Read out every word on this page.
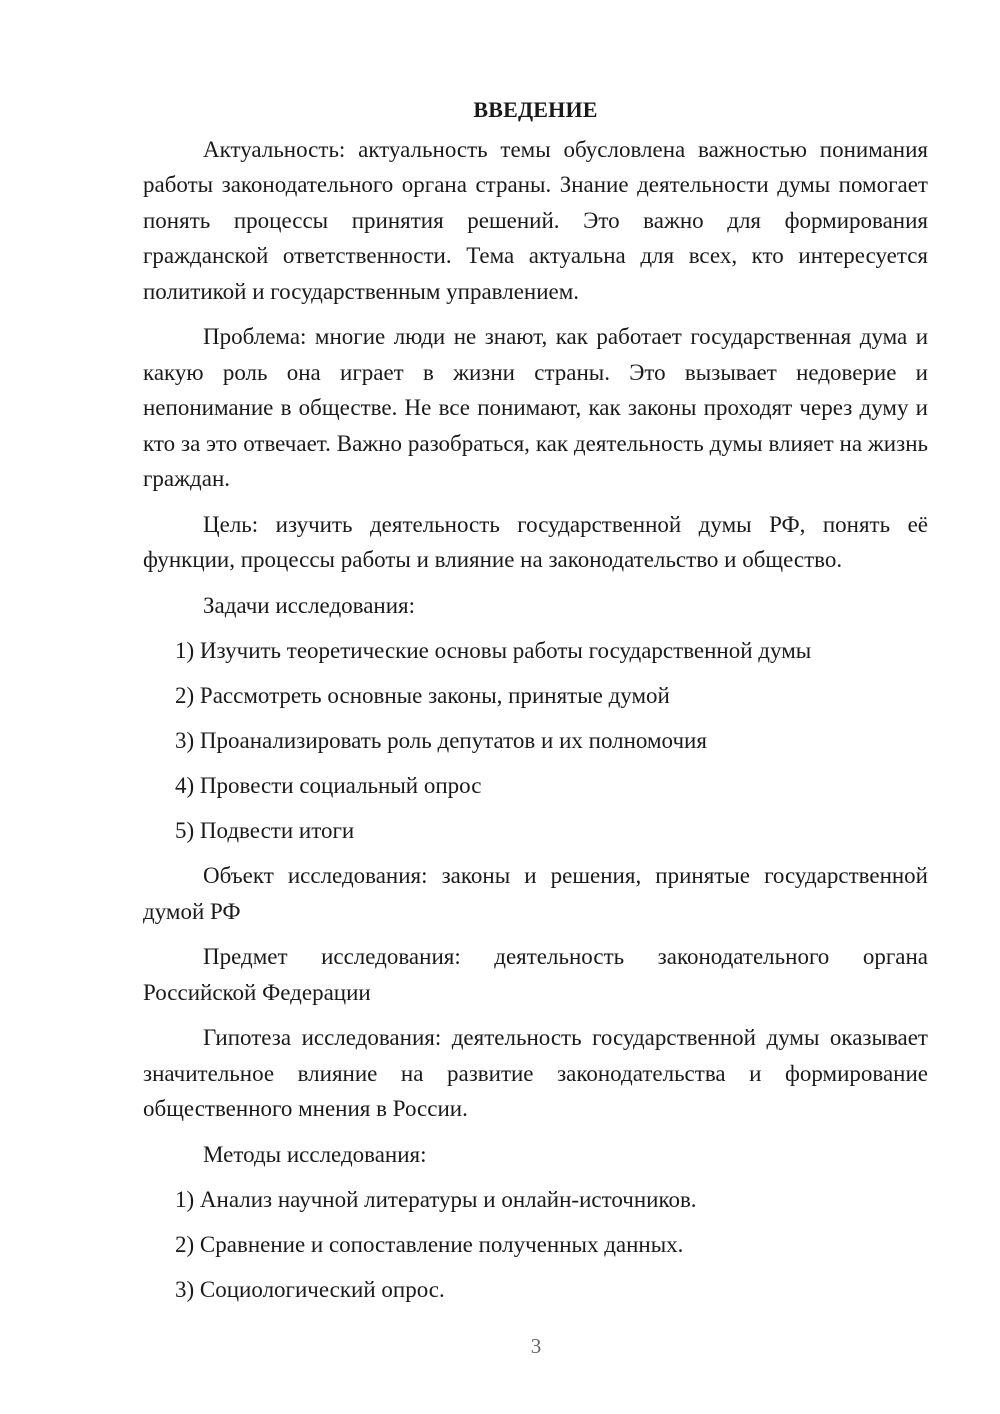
ВВЕДЕНИЕ

Актуальность: актуальность темы обусловлена важностью понимания работы законодательного органа страны. Знание деятельности думы помогает понять процессы принятия решений. Это важно для формирования гражданской ответственности. Тема актуальна для всех, кто интересуется политикой и государственным управлением.

Проблема: многие люди не знают, как работает государственная дума и какую роль она играет в жизни страны. Это вызывает недоверие и непонимание в обществе. Не все понимают, как законы проходят через думу и кто за это отвечает. Важно разобраться, как деятельность думы влияет на жизнь граждан.

Цель: изучить деятельность государственной думы РФ, понять её функции, процессы работы и влияние на законодательство и общество.

Задачи исследования:

1) Изучить теоретические основы работы государственной думы

2) Рассмотреть основные законы, принятые думой

3) Проанализировать роль депутатов и их полномочия

4) Провести социальный опрос

5) Подвести итоги

Объект исследования: законы и решения, принятые государственной думой РФ

Предмет исследования: деятельность законодательного органа Российской Федерации

Гипотеза исследования: деятельность государственной думы оказывает значительное влияние на развитие законодательства и формирование общественного мнения в России.

Методы исследования:

1) Анализ научной литературы и онлайн-источников.

2) Сравнение и сопоставление полученных данных.

3) Социологический опрос.

3
